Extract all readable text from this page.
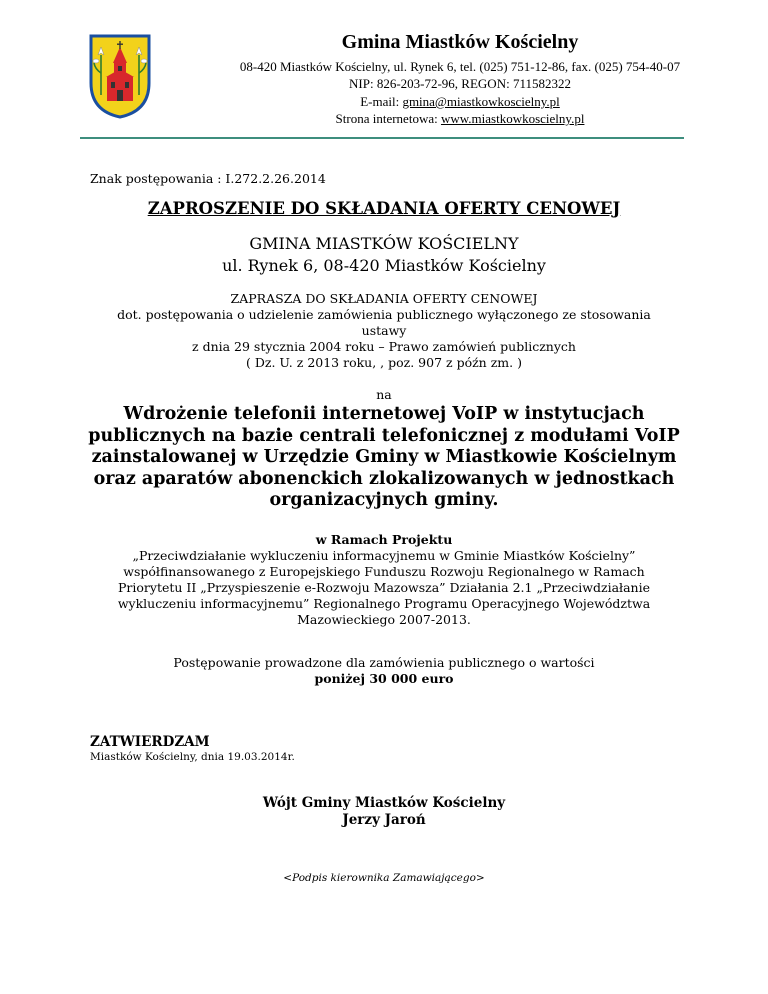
Gmina Miastków Kościelny
08-420 Miastków Kościelny, ul. Rynek 6, tel. (025) 751-12-86, fax. (025) 754-40-07
NIP: 826-203-72-96, REGON: 711582322
E-mail: gmina@miastkowkoscielny.pl
Strona internetowa: www.miastkowkoscielny.pl
Znak postępowania : I.272.2.26.2014
ZAPROSZENIE DO SKŁADANIA OFERTY CENOWEJ
GMINA MIASTKÓW KOŚCIELNY
ul. Rynek 6, 08-420 Miastków Kościelny
ZAPRASZA DO SKŁADANIA OFERTY CENOWEJ
dot. postępowania o udzielenie zamówienia publicznego wyłączonego ze stosowania
ustawy
z dnia 29 stycznia 2004 roku – Prawo zamówień publicznych
( Dz. U. z 2013 roku, , poz. 907 z późn zm. )
na
Wdrożenie telefonii internetowej VoIP w instytucjach
publicznych na bazie centrali telefonicznej z modułami VoIP
zainstalowanej w Urzędzie Gminy w Miastkowie Kościelnym
oraz aparatów abonenckich zlokalizowanych w jednostkach
organizacyjnych gminy.
w Ramach Projektu
„Przeciwdziałanie wykluczeniu informacyjnemu w Gminie Miastków Kościelny”
współfinansowanego z Europejskiego Funduszu Rozwoju Regionalnego w Ramach
Priorytetu II „Przyspieszenie e-Rozwoju Mazowsza” Działania 2.1 „Przeciwdziałanie
wykluczeniu informacyjnemu” Regionalnego Programu Operacyjnego Województwa
Mazowieckiego 2007-2013.
Postępowanie prowadzone dla zamówienia publicznego o wartości
poniżej 30 000 euro
ZATWIERDZAM
Miastków Kościelny, dnia 19.03.2014r.
Wójt Gminy Miastków Kościelny
Jerzy Jaroń
<Podpis kierownika Zamawiającego>
